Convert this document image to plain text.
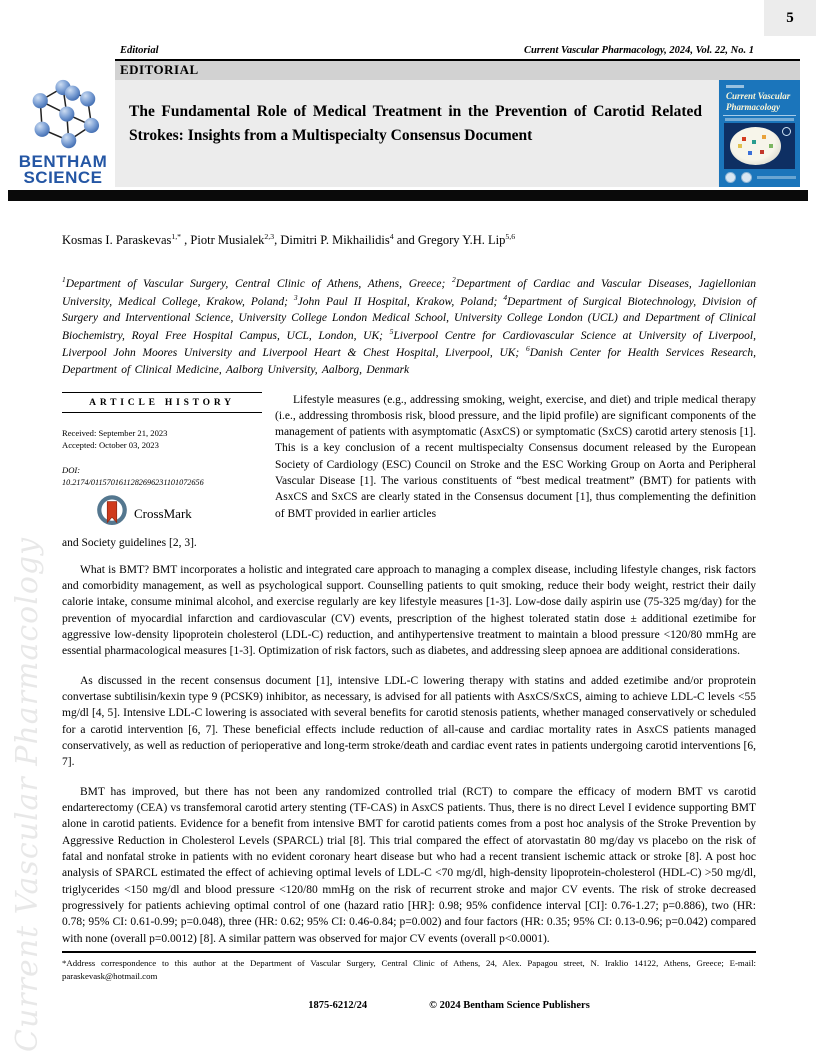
Current Vascular Pharmacology
5
BENTHAM
SCIENCE
Editorial	Current Vascular Pharmacology, 2024, Vol. 22, No. 1
EDITORIAL
The Fundamental Role of Medical Treatment in the Prevention of Carotid Related Strokes: Insights from a Multispecialty Consensus Document
Current Vascular Pharmacology

Kosmas I. Paraskevas$^{1,*}$ , Piotr Musialek$^{2,3}$, Dimitri P. Mikhailidis$^4$ and Gregory Y.H. Lip$^{5,6}$

$^1$Department of Vascular Surgery, Central Clinic of Athens, Athens, Greece; $^2$Department of Cardiac and Vascular Diseases, Jagiellonian University, Medical College, Krakow, Poland; $^3$John Paul II Hospital, Krakow, Poland; $^4$Department of Surgical Biotechnology, Division of Surgery and Interventional Science, University College London Medical School, University College London (UCL) and Department of Clinical Biochemistry, Royal Free Hospital Campus, UCL, London, UK; $^5$Liverpool Centre for Cardiovascular Science at University of Liverpool, Liverpool John Moores University and Liverpool Heart & Chest Hospital, Liverpool, UK; $^6$Danish Center for Health Services Research, Department of Clinical Medicine, Aalborg University, Aalborg, Denmark

ARTICLE HISTORY
Received: September 21, 2023
Accepted: October 03, 2023
DOI:
10.2174/0115701611282696231101072656
CrossMark

Lifestyle measures (e.g., addressing smoking, weight, exercise, and diet) and triple medical therapy (i.e., addressing thrombosis risk, blood pressure, and the lipid profile) are significant components of the management of patients with asymptomatic (AsxCS) or symptomatic (SxCS) carotid artery stenosis [1]. This is a key conclusion of a recent multispecialty Consensus document released by the European Society of Cardiology (ESC) Council on Stroke and the ESC Working Group on Aorta and Peripheral Vascular Disease [1]. The various constituents of “best medical treatment” (BMT) for patients with AsxCS and SxCS are clearly stated in the Consensus document [1], thus complementing the definition of BMT provided in earlier articles

and Society guidelines [2, 3].

What is BMT? BMT incorporates a holistic and integrated care approach to managing a complex disease, including lifestyle changes, risk factors and comorbidity management, as well as psychological support. Counselling patients to quit smoking, reduce their body weight, restrict their daily calorie intake, consume minimal alcohol, and exercise regularly are key lifestyle measures [1-3]. Low-dose daily aspirin use (75-325 mg/day) for the prevention of myocardial infarction and cardiovascular (CV) events, prescription of the highest tolerated statin dose ± additional ezetimibe for aggressive low-density lipoprotein cholesterol (LDL-C) reduction, and antihypertensive treatment to maintain a blood pressure <120/80 mmHg are essential pharmacological measures [1-3]. Optimization of risk factors, such as diabetes, and addressing sleep apnoea are additional considerations.

As discussed in the recent consensus document [1], intensive LDL-C lowering therapy with statins and added ezetimibe and/or proprotein convertase subtilisin/kexin type 9 (PCSK9) inhibitor, as necessary, is advised for all patients with AsxCS/SxCS, aiming to achieve LDL-C levels <55 mg/dl [4, 5]. Intensive LDL-C lowering is associated with several benefits for carotid stenosis patients, whether managed conservatively or scheduled for a carotid intervention [6, 7]. These beneficial effects include reduction of all-cause and cardiac mortality rates in AsxCS patients managed conservatively, as well as reduction of perioperative and long-term stroke/death and cardiac event rates in patients undergoing carotid interventions [6, 7].

BMT has improved, but there has not been any randomized controlled trial (RCT) to compare the efficacy of modern BMT vs carotid endarterectomy (CEA) vs transfemoral carotid artery stenting (TF-CAS) in AsxCS patients. Thus, there is no direct Level I evidence supporting BMT alone in carotid patients. Evidence for a benefit from intensive BMT for carotid patients comes from a post hoc analysis of the Stroke Prevention by Aggressive Reduction in Cholesterol Levels (SPARCL) trial [8]. This trial compared the effect of atorvastatin 80 mg/day vs placebo on the risk of fatal and nonfatal stroke in patients with no evident coronary heart disease but who had a recent transient ischemic attack or stroke [8]. A post hoc analysis of SPARCL estimated the effect of achieving optimal levels of LDL-C <70 mg/dl, high-density lipoprotein-cholesterol (HDL-C) >50 mg/dl, triglycerides <150 mg/dl and blood pressure <120/80 mmHg on the risk of recurrent stroke and major CV events. The risk of stroke decreased progressively for patients achieving optimal control of one (hazard ratio [HR]: 0.98; 95% confidence interval [CI]: 0.76-1.27; p=0.886), two (HR: 0.78; 95% CI: 0.61-0.99; p=0.048), three (HR: 0.62; 95% CI: 0.46-0.84; p=0.002) and four factors (HR: 0.35; 95% CI: 0.13-0.96; p=0.042) compared with none (overall p=0.0012) [8]. A similar pattern was observed for major CV events (overall p<0.0001).

*Address correspondence to this author at the Department of Vascular Surgery, Central Clinic of Athens, 24, Alex. Papagou street, N. Iraklio 14122, Athens, Greece; E-mail: paraskevask@hotmail.com

1875-6212/24	© 2024 Bentham Science Publishers
